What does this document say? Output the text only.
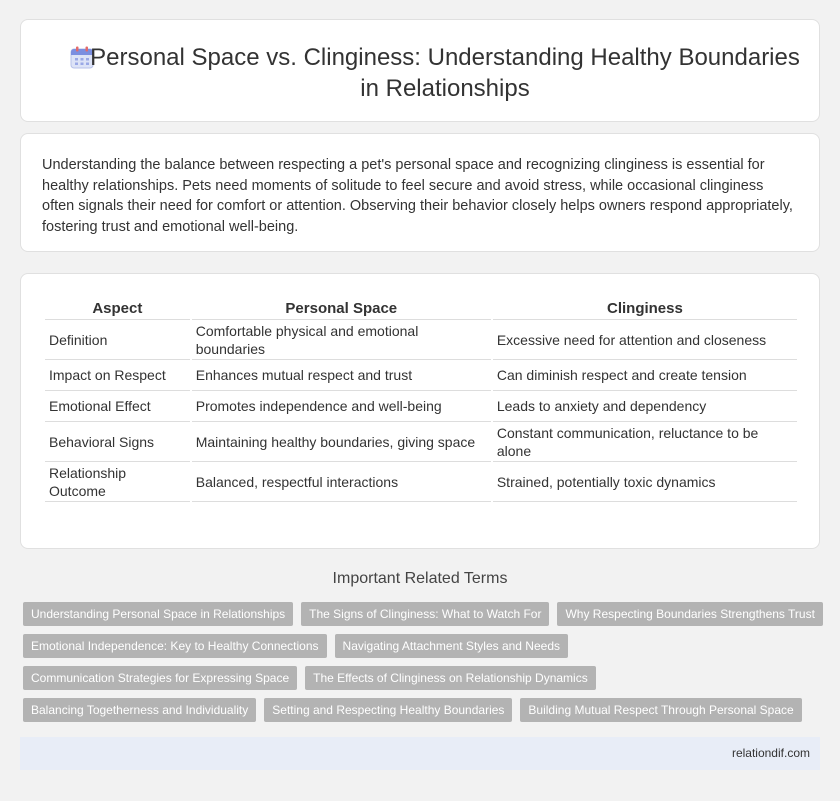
Personal Space vs. Clinginess: Understanding Healthy Boundaries in Relationships

Understanding the balance between respecting a pet's personal space and recognizing clinginess is essential for healthy relationships. Pets need moments of solitude to feel secure and avoid stress, while occasional clinginess often signals their need for comfort or attention. Observing their behavior closely helps owners respond appropriately, fostering trust and emotional well-being.

Aspect	Personal Space	Clinginess
Definition	Comfortable physical and emotional boundaries	Excessive need for attention and closeness
Impact on Respect	Enhances mutual respect and trust	Can diminish respect and create tension
Emotional Effect	Promotes independence and well-being	Leads to anxiety and dependency
Behavioral Signs	Maintaining healthy boundaries, giving space	Constant communication, reluctance to be alone
Relationship Outcome	Balanced, respectful interactions	Strained, potentially toxic dynamics
Important Related Terms
Understanding Personal Space in Relationships	The Signs of Clinginess: What to Watch For	Why Respecting Boundaries Strengthens Trust
Emotional Independence: Key to Healthy Connections	Navigating Attachment Styles and Needs
Communication Strategies for Expressing Space	The Effects of Clinginess on Relationship Dynamics
Balancing Togetherness and Individuality	Setting and Respecting Healthy Boundaries	Building Mutual Respect Through Personal Space
relationdif.com
